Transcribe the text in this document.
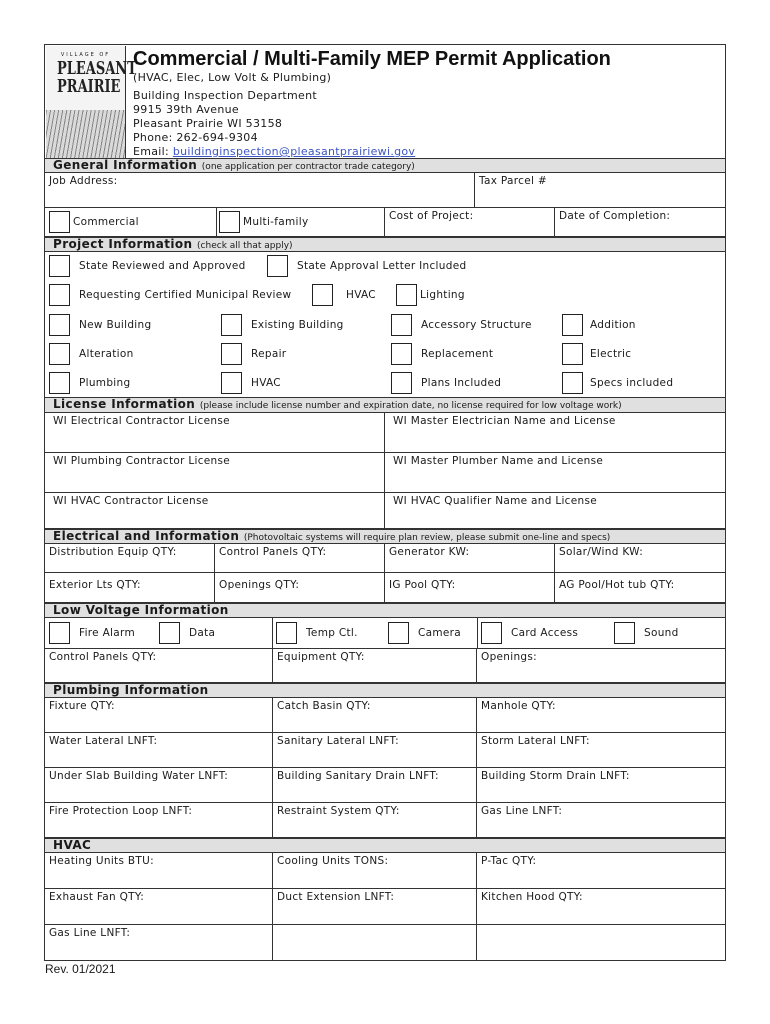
VILLAGE OF
PLEASANT
PRAIRIE
Commercial / Multi-Family MEP Permit Application
(HVAC, Elec, Low Volt & Plumbing)
Building Inspection Department
9915 39th Avenue
Pleasant Prairie WI 53158
Phone: 262-694-9304
Email: buildinginspection@pleasantprairiewi.gov
General Information (one application per contractor trade category)
Job Address:	Tax Parcel #
Commercial	Multi-family	Cost of Project:	Date of Completion:
Project Information (check all that apply)
State Reviewed and Approved	State Approval Letter Included
Requesting Certified Municipal Review	HVAC	Lighting
New Building	Existing Building	Accessory Structure	Addition
Alteration	Repair	Replacement	Electric
Plumbing	HVAC	Plans Included	Specs included
License Information (please include license number and expiration date, no license required for low voltage work)
WI Electrical Contractor License	WI Master Electrician Name and License
WI Plumbing Contractor License	WI Master Plumber Name and License
WI HVAC Contractor License	WI HVAC Qualifier Name and License
Electrical and Information (Photovoltaic systems will require plan review, please submit one-line and specs)
Distribution Equip QTY:	Control Panels QTY:	Generator KW:	Solar/Wind KW:
Exterior Lts QTY:	Openings QTY:	IG Pool QTY:	AG Pool/Hot tub QTY:
Low Voltage Information
Fire Alarm	Data	Temp Ctl.	Camera	Card Access	Sound
Control Panels QTY:	Equipment QTY:	Openings:
Plumbing Information
Fixture QTY:	Catch Basin QTY:	Manhole QTY:
Water Lateral LNFT:	Sanitary Lateral LNFT:	Storm Lateral LNFT:
Under Slab Building Water LNFT:	Building Sanitary Drain LNFT:	Building Storm Drain LNFT:
Fire Protection Loop LNFT:	Restraint System QTY:	Gas Line LNFT:
HVAC
Heating Units BTU:	Cooling Units TONS:	P-Tac QTY:
Exhaust Fan QTY:	Duct Extension LNFT:	Kitchen Hood QTY:
Gas Line LNFT:
Rev. 01/2021
